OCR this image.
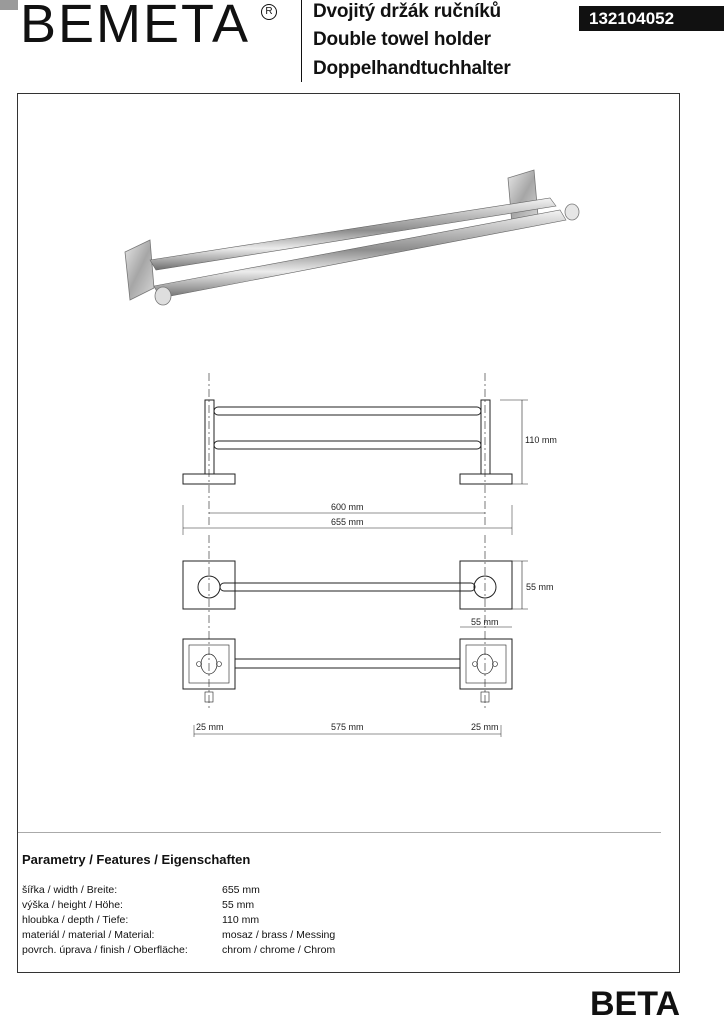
BEMETA	R Dvojitý držák ručníků
Double towel holder
Doppelhandtuchhalter
132104052
110 mm
600 mm
655 mm
55 mm
55 mm
25 mm	575 mm	25 mm
Parametry / Features / Eigenschaften
šířka / width / Breite:	655 mm
výška / height / Höhe:	55 mm
hloubka / depth / Tiefe:	110 mm
materiál / material / Material:	mosaz / brass / Messing
povrch. úprava / finish / Oberfläche:	chrom / chrome / Chrom
BETA
